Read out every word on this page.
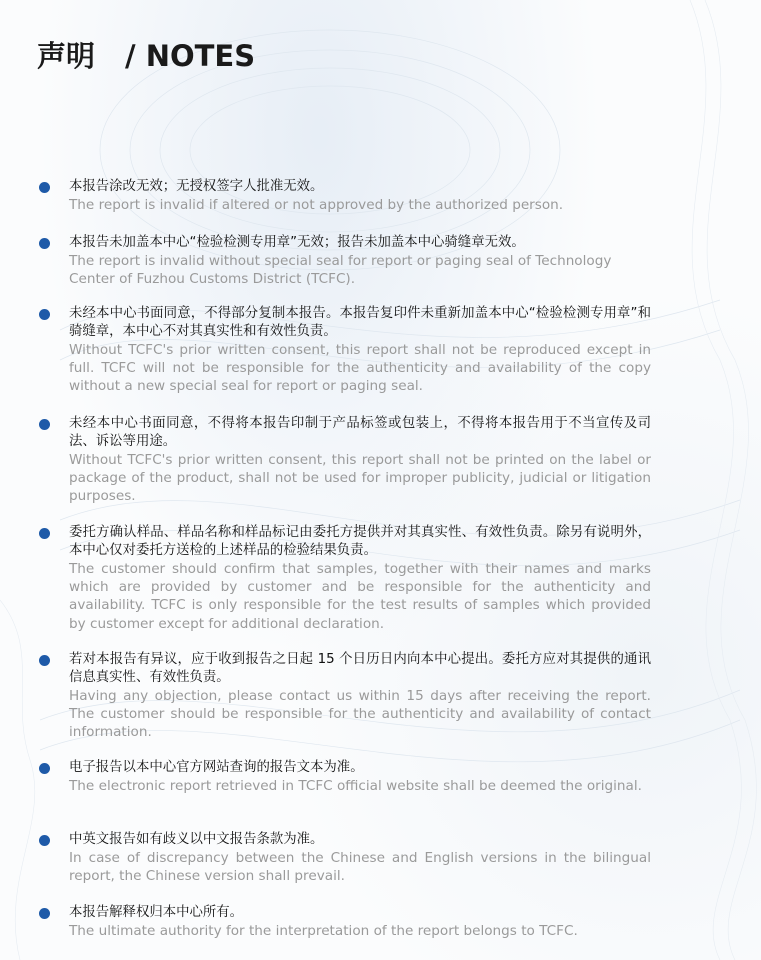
声明 / NOTES
本报告涂改无效；无授权签字人批准无效。
The report is invalid if altered or not approved by the authorized person.
本报告未加盖本中心“检验检测专用章”无效；报告未加盖本中心骑缝章无效。
The report is invalid without special seal for report or paging seal of Technology Center of Fuzhou Customs District (TCFC).
未经本中心书面同意，不得部分复制本报告。本报告复印件未重新加盖本中心“检验检测专用章”和骑缝章，本中心不对其真实性和有效性负责。
Without TCFC's prior written consent, this report shall not be reproduced except in full. TCFC will not be responsible for the authenticity and availability of the copy without a new special seal for report or paging seal.
未经本中心书面同意，不得将本报告印制于产品标签或包装上，不得将本报告用于不当宣传及司法、诉讼等用途。
Without TCFC's prior written consent, this report shall not be printed on the label or package of the product, shall not be used for improper publicity, judicial or litigation purposes.
委托方确认样品、样品名称和样品标记由委托方提供并对其真实性、有效性负责。除另有说明外，本中心仅对委托方送检的上述样品的检验结果负责。
The customer should confirm that samples, together with their names and marks which are provided by customer and be responsible for the authenticity and availability. TCFC is only responsible for the test results of samples which provided by customer except for additional declaration.
若对本报告有异议，应于收到报告之日起 15 个日历日内向本中心提出。委托方应对其提供的通讯信息真实性、有效性负责。
Having any objection, please contact us within 15 days after receiving the report. The customer should be responsible for the authenticity and availability of contact information.
电子报告以本中心官方网站查询的报告文本为准。
The electronic report retrieved in TCFC official website shall be deemed the original.
中英文报告如有歧义以中文报告条款为准。
In case of discrepancy between the Chinese and English versions in the bilingual report, the Chinese version shall prevail.
本报告解释权归本中心所有。
The ultimate authority for the interpretation of the report belongs to TCFC.
